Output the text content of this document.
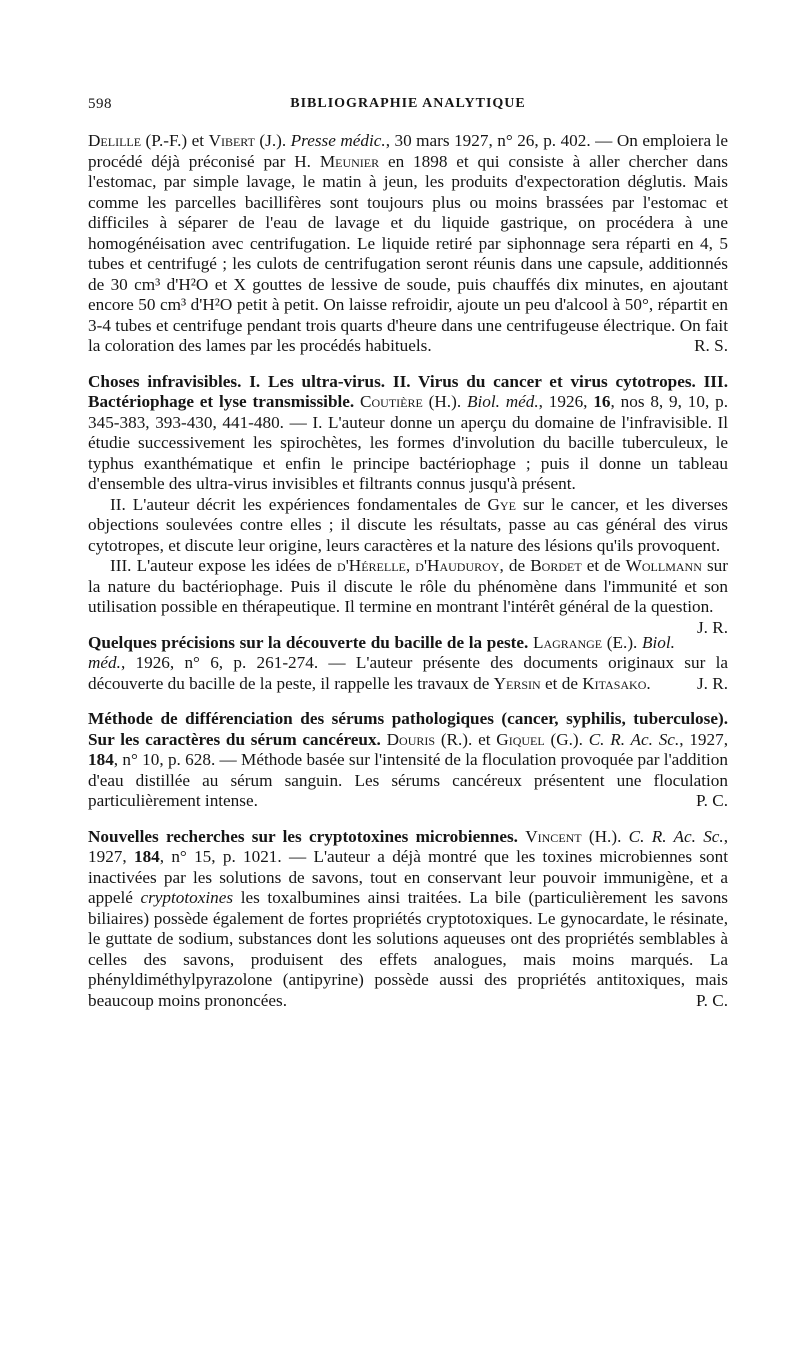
598	BIBLIOGRAPHIE ANALYTIQUE

Delille (P.-F.) et Vibert (J.). Presse médic., 30 mars 1927, n° 26, p. 402. — On emploiera le procédé déjà préconisé par H. Meunier en 1898 et qui consiste à aller chercher dans l'estomac, par simple lavage, le matin à jeun, les produits d'expectoration déglutis. Mais comme les parcelles bacillifères sont toujours plus ou moins brassées par l'estomac et difficiles à séparer de l'eau de lavage et du liquide gastrique, on procédera à une homogénéisation avec centrifugation. Le liquide retiré par siphonnage sera réparti en 4, 5 tubes et centrifugé ; les culots de centrifugation seront réunis dans une capsule, additionnés de 30 cm³ d'H²O et X gouttes de lessive de soude, puis chauffés dix minutes, en ajoutant encore 50 cm³ d'H²O petit à petit. On laisse refroidir, ajoute un peu d'alcool à 50°, répartit en 3-4 tubes et centrifuge pendant trois quarts d'heure dans une centrifugeuse électrique. On fait la coloration des lames par les procédés habituels.	R. S.

Choses infravisibles. I. Les ultra-virus. II. Virus du cancer et virus cytotropes. III. Bactériophage et lyse transmissible. Coutière (H.). Biol. méd., 1926, 16, nos 8, 9, 10, p. 345-383, 393-430, 441-480. — I. L'auteur donne un aperçu du domaine de l'infravisible. Il étudie successivement les spirochètes, les formes d'involution du bacille tuberculeux, le typhus exanthématique et enfin le principe bactériophage ; puis il donne un tableau d'ensemble des ultra-virus invisibles et filtrants connus jusqu'à présent.

II. L'auteur décrit les expériences fondamentales de Gye sur le cancer, et les diverses objections soulevées contre elles ; il discute les résultats, passe au cas général des virus cytotropes, et discute leur origine, leurs caractères et la nature des lésions qu'ils provoquent.

III. L'auteur expose les idées de d'Hérelle, d'Hauduroy, de Bordet et de Wollmann sur la nature du bactériophage. Puis il discute le rôle du phénomène dans l'immunité et son utilisation possible en thérapeutique. Il termine en montrant l'intérêt général de la question.
J. R.

Quelques précisions sur la découverte du bacille de la peste. Lagrange (E.). Biol. méd., 1926, n° 6, p. 261-274. — L'auteur présente des documents originaux sur la découverte du bacille de la peste, il rappelle les travaux de Yersin et de Kitasako.	J. R.

Méthode de différenciation des sérums pathologiques (cancer, syphilis, tuberculose). Sur les caractères du sérum cancéreux. Douris (R.). et Giquel (G.). C. R. Ac. Sc., 1927, 184, n° 10, p. 628. — Méthode basée sur l'intensité de la floculation provoquée par l'addition d'eau distillée au sérum sanguin. Les sérums cancéreux présentent une floculation particulièrement intense.	P. C.

Nouvelles recherches sur les cryptotoxines microbiennes. Vincent (H.). C. R. Ac. Sc., 1927, 184, n° 15, p. 1021. — L'auteur a déjà montré que les toxines microbiennes sont inactivées par les solutions de savons, tout en conservant leur pouvoir immunigène, et a appelé cryptotoxines les toxalbumines ainsi traitées. La bile (particulièrement les savons biliaires) possède également de fortes propriétés cryptotoxiques. Le gynocardate, le résinate, le guttate de sodium, substances dont les solutions aqueuses ont des propriétés semblables à celles des savons, produisent des effets analogues, mais moins marqués. La phényldiméthylpyrazolone (antipyrine) possède aussi des propriétés antitoxiques, mais beaucoup moins prononcées.	P. C.
